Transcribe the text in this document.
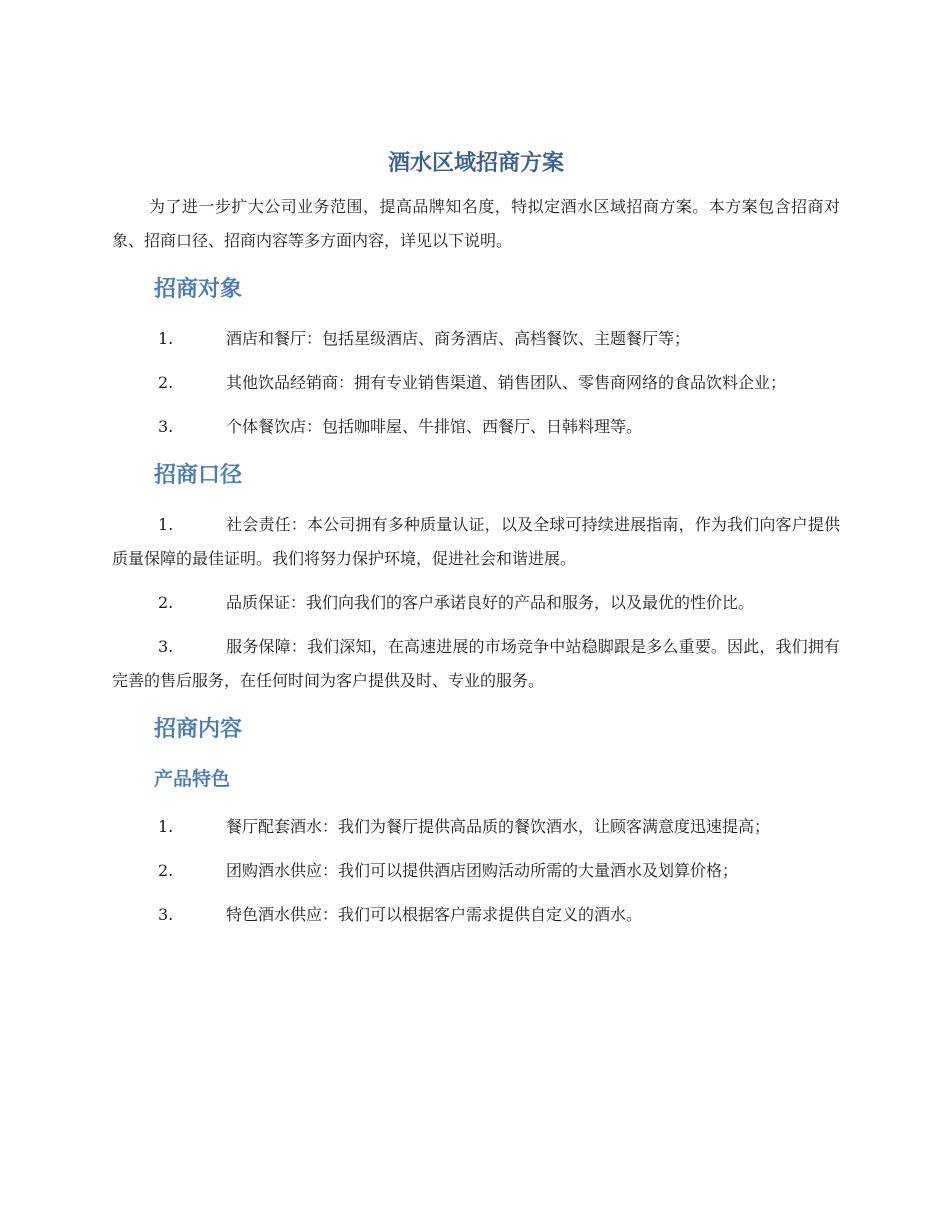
酒水区域招商方案

为了进一步扩大公司业务范围，提高品牌知名度，特拟定酒水区域招商方案。本方案包含招商对象、招商口径、招商内容等多方面内容，详见以下说明。

招商对象

1.	酒店和餐厅：包括星级酒店、商务酒店、高档餐饮、主题餐厅等；

2.	其他饮品经销商：拥有专业销售渠道、销售团队、零售商网络的食品饮料企业；

3.	个体餐饮店：包括咖啡屋、牛排馆、西餐厅、日韩料理等。

招商口径

1.	社会责任：本公司拥有多种质量认证，以及全球可持续进展指南，作为我们向客户提供质量保障的最佳证明。我们将努力保护环境，促进社会和谐进展。

2.	品质保证：我们向我们的客户承诺良好的产品和服务，以及最优的性价比。

3.	服务保障：我们深知，在高速进展的市场竞争中站稳脚跟是多么重要。因此，我们拥有完善的售后服务，在任何时间为客户提供及时、专业的服务。

招商内容
产品特色

1.	餐厅配套酒水：我们为餐厅提供高品质的餐饮酒水，让顾客满意度迅速提高；

2.	团购酒水供应：我们可以提供酒店团购活动所需的大量酒水及划算价格；

3.	特色酒水供应：我们可以根据客户需求提供自定义的酒水。
